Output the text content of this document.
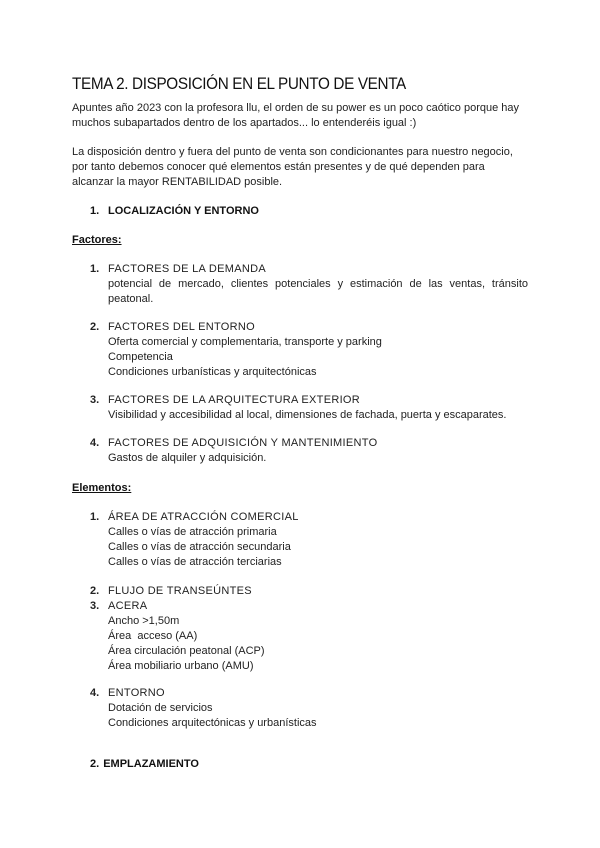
TEMA 2. DISPOSICIÓN EN EL PUNTO DE VENTA
Apuntes año 2023 con la profesora llu, el orden de su power es un poco caótico porque hay
muchos subapartados dentro de los apartados... lo entenderéis igual :)
La disposición dentro y fuera del punto de venta son condicionantes para nuestro negocio,
por tanto debemos conocer qué elementos están presentes y de qué dependen para
alcanzar la mayor RENTABILIDAD posible.
1. LOCALIZACIÓN Y ENTORNO
Factores:
1. FACTORES DE LA DEMANDA
potencial de mercado, clientes potenciales y estimación de las ventas, tránsito
peatonal.
2. FACTORES DEL ENTORNO
Oferta comercial y complementaria, transporte y parking
Competencia
Condiciones urbanísticas y arquitectónicas
3. FACTORES DE LA ARQUITECTURA EXTERIOR
Visibilidad y accesibilidad al local, dimensiones de fachada, puerta y escaparates.
4. FACTORES DE ADQUISICIÓN Y MANTENIMIENTO
Gastos de alquiler y adquisición.
Elementos:
1. ÁREA DE ATRACCIÓN COMERCIAL
Calles o vías de atracción primaria
Calles o vías de atracción secundaria
Calles o vías de atracción terciarias
2. FLUJO DE TRANSEÚNTES
3. ACERA
Ancho >1,50m
Área  acceso (AA)
Área circulación peatonal (ACP)
Área mobiliario urbano (AMU)
4. ENTORNO
Dotación de servicios
Condiciones arquitectónicas y urbanísticas
2. EMPLAZAMIENTO
